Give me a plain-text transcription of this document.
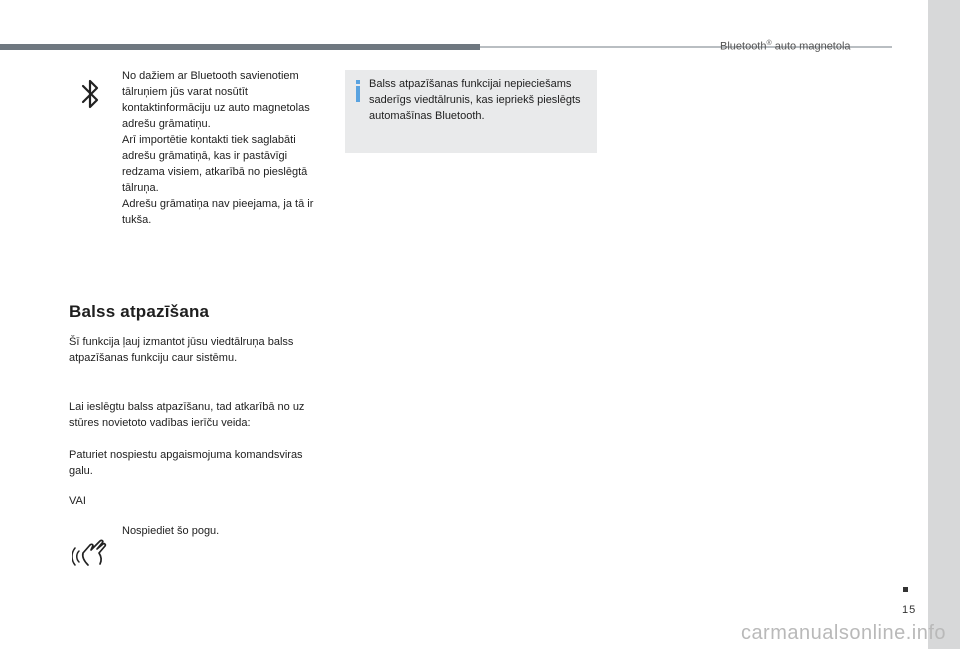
Bluetooth® auto magnetola

No dažiem ar Bluetooth savienotiem tālruņiem jūs varat nosūtīt kontaktinformāciju uz auto magnetolas adrešu grāmatiņu.

Arī importētie kontakti tiek saglabāti adrešu grāmatiņā, kas ir pastāvīgi redzama visiem, atkarībā no pieslēgtā tālruņa.

Adrešu grāmatiņa nav pieejama, ja tā ir tukša.

Balss atpazīšanas funkcijai nepieciešams saderīgs viedtālrunis, kas iepriekš pieslēgts automašīnas Bluetooth.
Balss atpazīšana

Šī funkcija ļauj izmantot jūsu viedtālruņa balss atpazīšanas funkciju caur sistēmu.

Lai ieslēgtu balss atpazīšanu, tad atkarībā no uz stūres novietoto vadības ierīču veida:

Paturiet nospiestu apgaismojuma komandsviras galu.

VAI

Nospiediet šo pogu.
15
carmanualsonline.info
